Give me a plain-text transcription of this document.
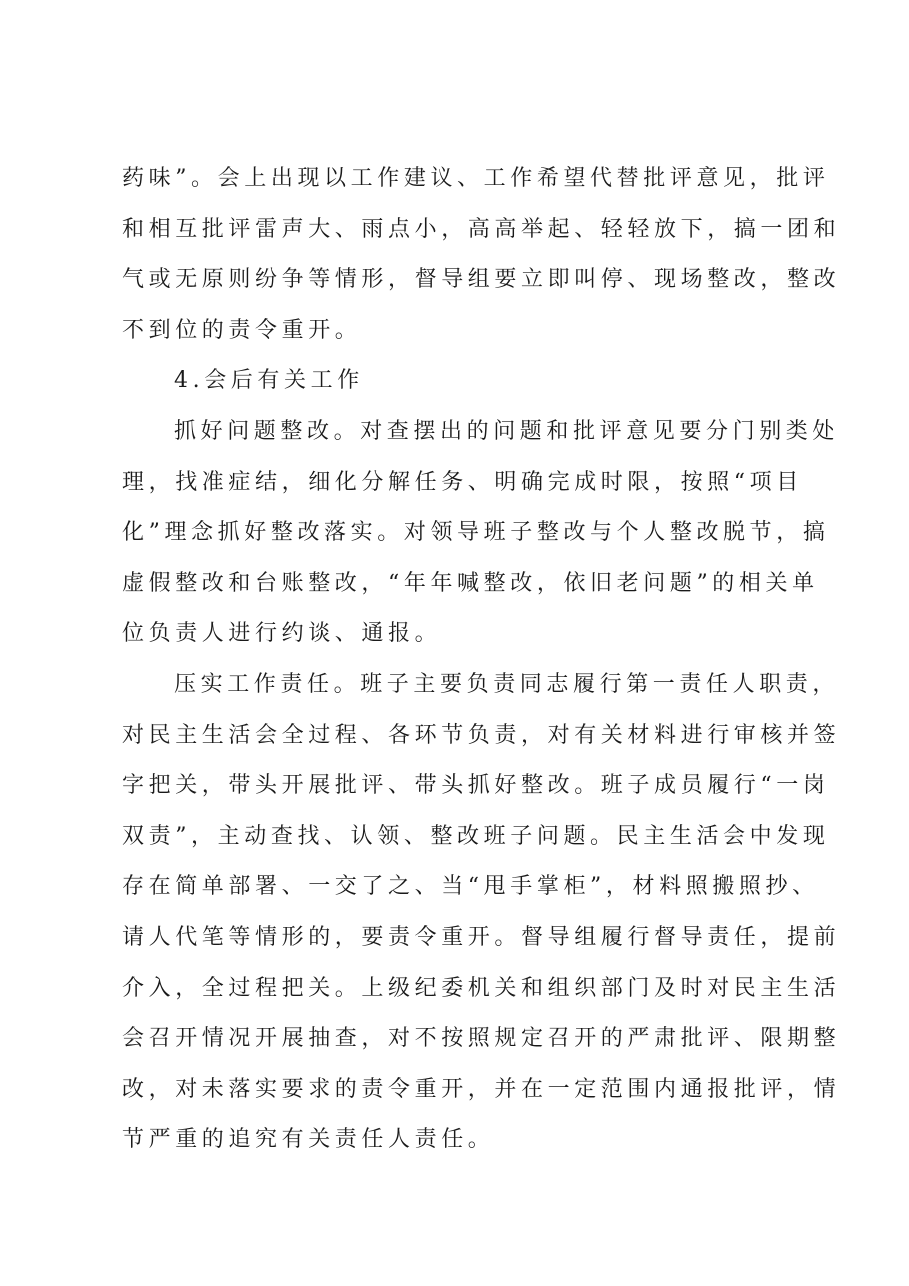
药味”。会上出现以工作建议、工作希望代替批评意见，批评
和相互批评雷声大、雨点小，高高举起、轻轻放下，搞一团和
气或无原则纷争等情形，督导组要立即叫停、现场整改，整改
不到位的责令重开。
4.会后有关工作
抓好问题整改。对查摆出的问题和批评意见要分门别类处
理，找准症结，细化分解任务、明确完成时限，按照“项目
化”理念抓好整改落实。对领导班子整改与个人整改脱节，搞
虚假整改和台账整改，“年年喊整改，依旧老问题”的相关单
位负责人进行约谈、通报。
压实工作责任。班子主要负责同志履行第一责任人职责，
对民主生活会全过程、各环节负责，对有关材料进行审核并签
字把关，带头开展批评、带头抓好整改。班子成员履行“一岗
双责”，主动查找、认领、整改班子问题。民主生活会中发现
存在简单部署、一交了之、当“甩手掌柜”，材料照搬照抄、
请人代笔等情形的，要责令重开。督导组履行督导责任，提前
介入，全过程把关。上级纪委机关和组织部门及时对民主生活
会召开情况开展抽查，对不按照规定召开的严肃批评、限期整
改，对未落实要求的责令重开，并在一定范围内通报批评，情
节严重的追究有关责任人责任。
